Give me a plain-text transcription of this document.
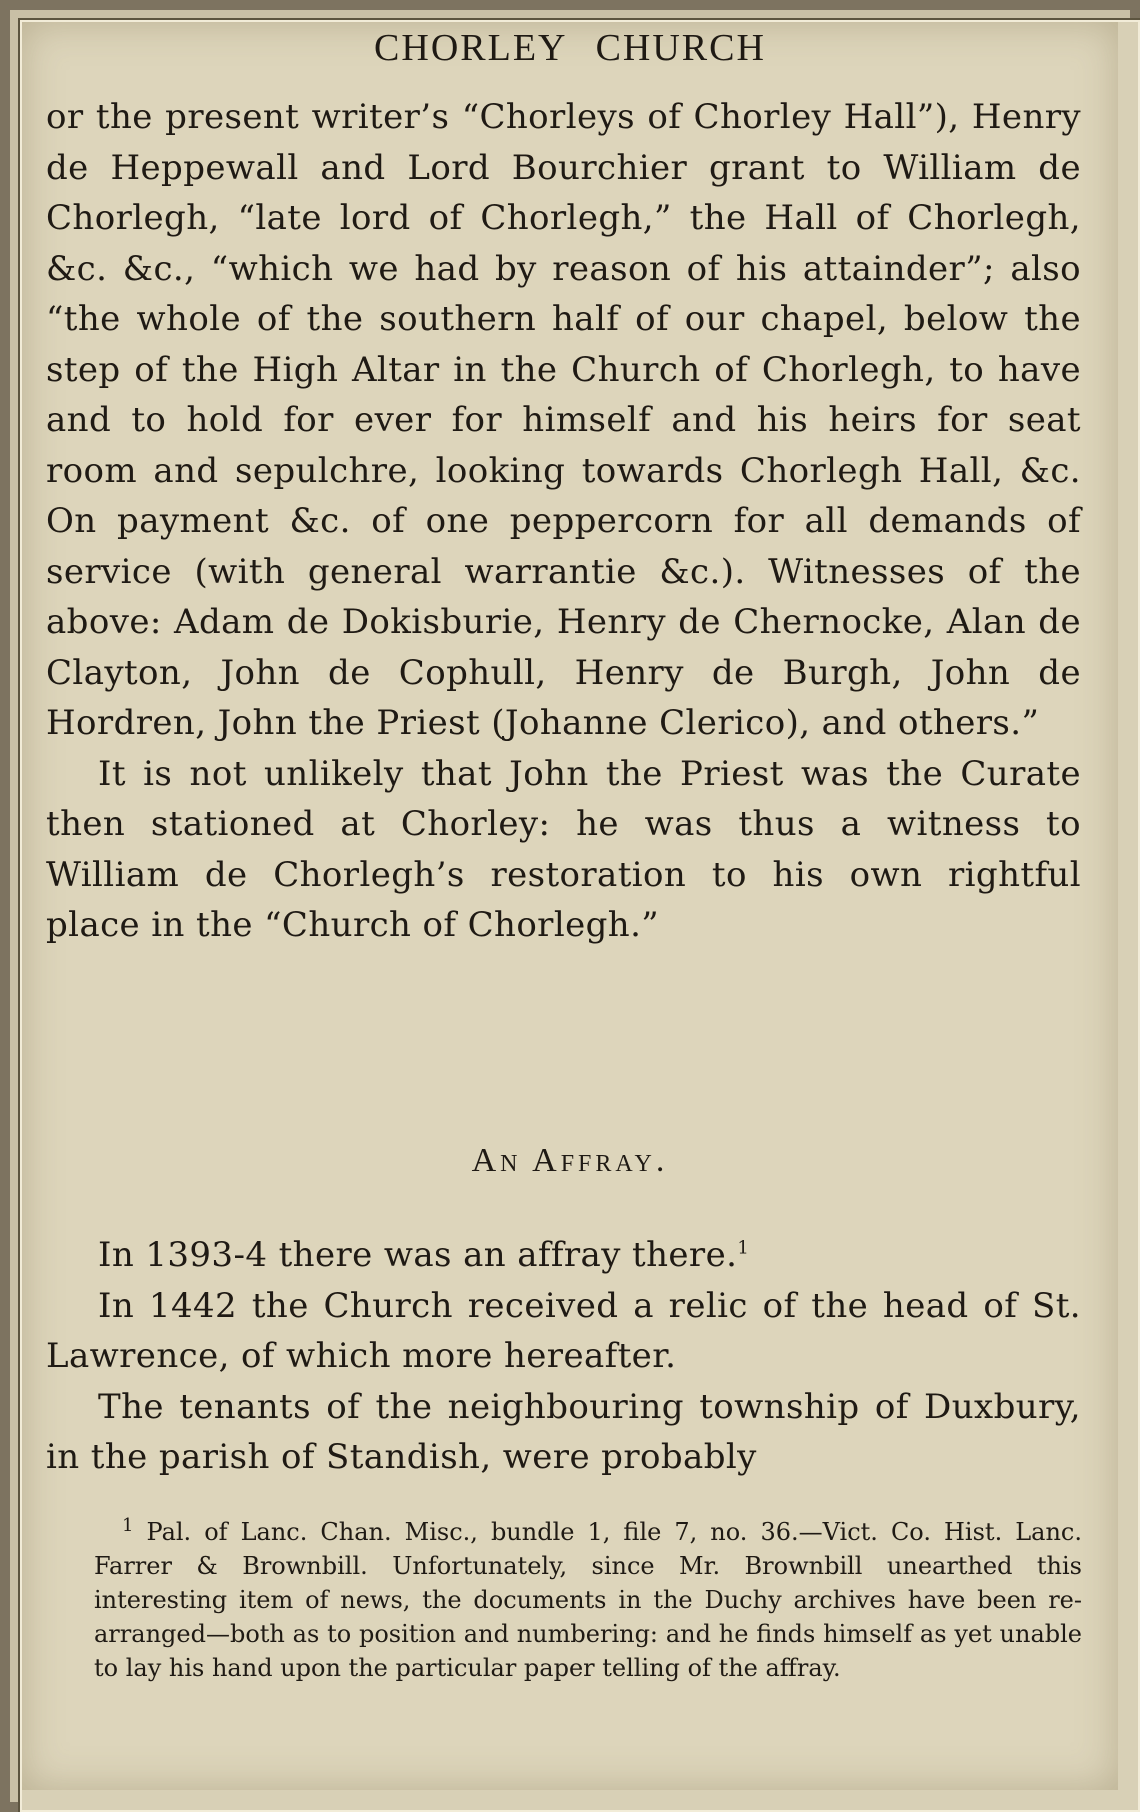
CHORLEY CHURCH

or the present writer’s “Chorleys of Chorley Hall”), Henry de Heppewall and Lord Bourchier grant to William de Chorlegh, “late lord of Chorlegh,” the Hall of Chorlegh, &c. &c., “which we had by reason of his attainder”; also “the whole of the southern half of our chapel, below the step of the High Altar in the Church of Chorlegh, to have and to hold for ever for himself and his heirs for seat room and sepulchre, looking towards Chorlegh Hall, &c. On payment &c. of one peppercorn for all demands of service (with general warrantie &c.). Witnesses of the above: Adam de Dokisburie, Henry de Chernocke, Alan de Clayton, John de Cophull, Henry de Burgh, John de Hordren, John the Priest (Johanne Clerico), and others.”

It is not unlikely that John the Priest was the Curate then stationed at Chorley: he was thus a witness to William de Chorlegh’s restoration to his own rightful place in the “Church of Chorlegh.”

An Affray.

In 1393-4 there was an affray there.$^1$

In 1442 the Church received a relic of the head of St. Lawrence, of which more hereafter.

The tenants of the neighbouring township of Duxbury, in the parish of Standish, were probably

$^1$ Pal. of Lanc. Chan. Misc., bundle 1, file 7, no. 36.—Vict. Co. Hist. Lanc. Farrer & Brownbill. Unfortunately, since Mr. Brownbill unearthed this interesting item of news, the documents in the Duchy archives have been re-arranged—both as to position and numbering: and he finds himself as yet unable to lay his hand upon the particular paper telling of the affray.
